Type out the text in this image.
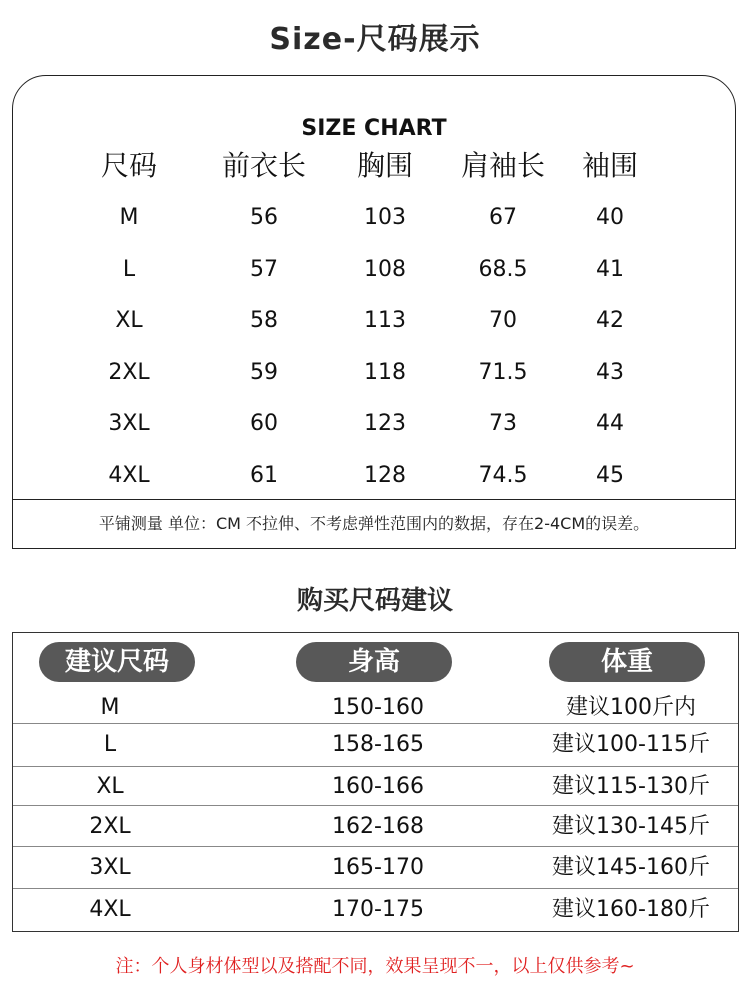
Size-尺码展示
SIZE CHART
尺码 前衣长 胸围 肩袖长 袖围
M	56	103	67	40
L	57	108	68.5	41
XL	58	113	70	42
2XL	59	118	71.5	43
3XL	60	123	73	44
4XL	61	128	74.5	45
平铺测量 单位：CM 不拉伸、不考虑弹性范围内的数据，存在2-4CM的误差。
购买尺码建议
建议尺码	身高	体重
M	150-160	建议100斤内
L	158-165	建议100-115斤
XL	160-166	建议115-130斤
2XL	162-168	建议130-145斤
3XL	165-170	建议145-160斤
4XL	170-175	建议160-180斤
注：个人身材体型以及搭配不同，效果呈现不一，以上仅供参考~
